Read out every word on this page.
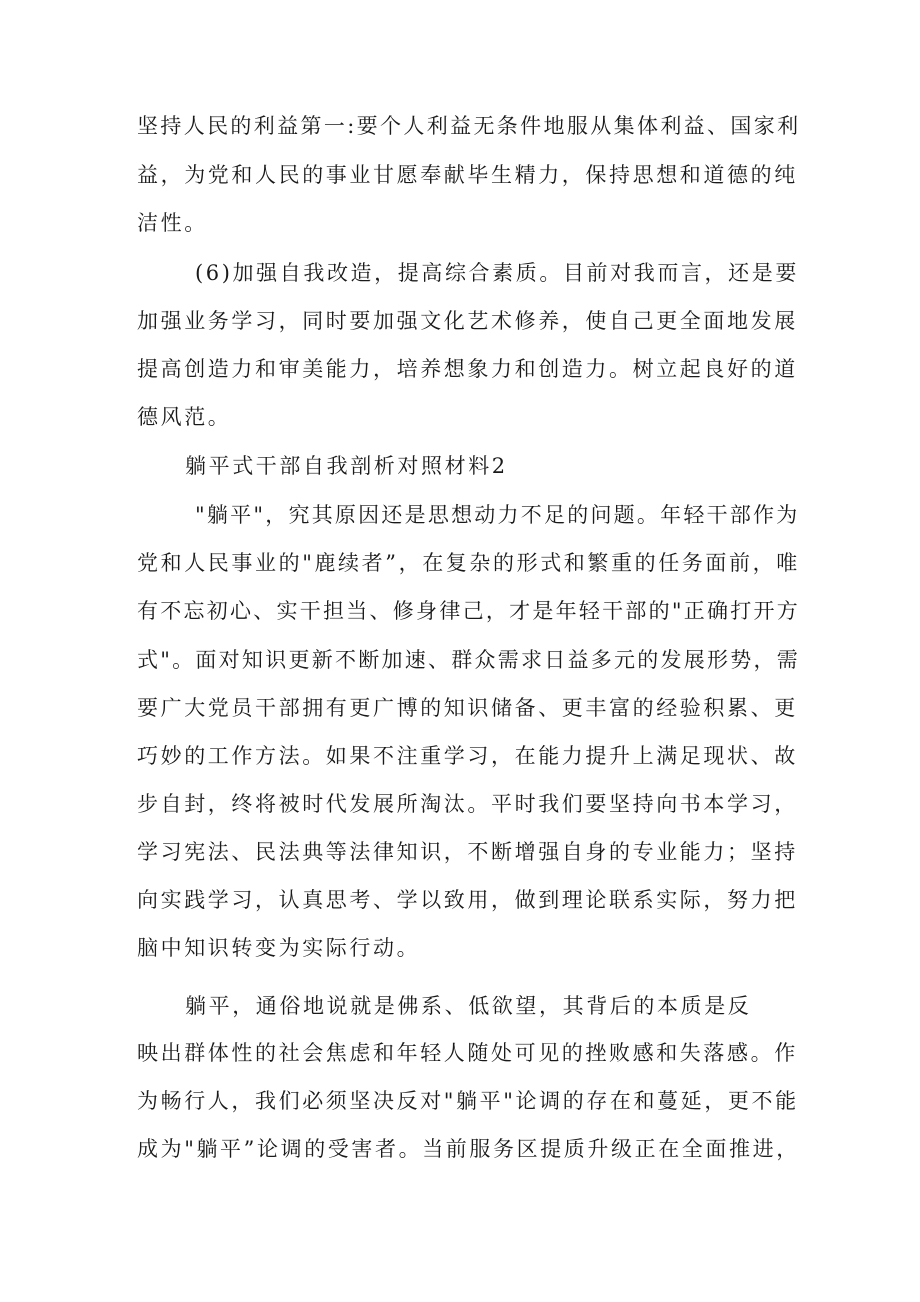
坚持人民的利益第一:要个人利益无条件地服从集体利益、国家利
益，为党和人民的事业甘愿奉献毕生精力，保持思想和道德的纯
洁性。
(6)加强自我改造，提高综合素质。目前对我而言，还是要
加强业务学习，同时要加强文化艺术修养，使自己更全面地发展
提高创造力和审美能力，培养想象力和创造力。树立起良好的道
德风范。
躺平式干部自我剖析对照材料2
"躺平"，究其原因还是思想动力不足的问题。年轻干部作为
党和人民事业的"鹿续者”，在复杂的形式和繁重的任务面前，唯
有不忘初心、实干担当、修身律己，才是年轻干部的"正确打开方
式"。面对知识更新不断加速、群众需求日益多元的发展形势，需
要广大党员干部拥有更广博的知识储备、更丰富的经验积累、更
巧妙的工作方法。如果不注重学习，在能力提升上满足现状、故
步自封，终将被时代发展所淘汰。平时我们要坚持向书本学习，
学习宪法、民法典等法律知识，不断增强自身的专业能力；坚持
向实践学习，认真思考、学以致用，做到理论联系实际，努力把
脑中知识转变为实际行动。
躺平，通俗地说就是佛系、低欲望，其背后的本质是反
映出群体性的社会焦虑和年轻人随处可见的挫败感和失落感。作
为畅行人，我们必须坚决反对"躺平"论调的存在和蔓延，更不能
成为"躺平”论调的受害者。当前服务区提质升级正在全面推进，
